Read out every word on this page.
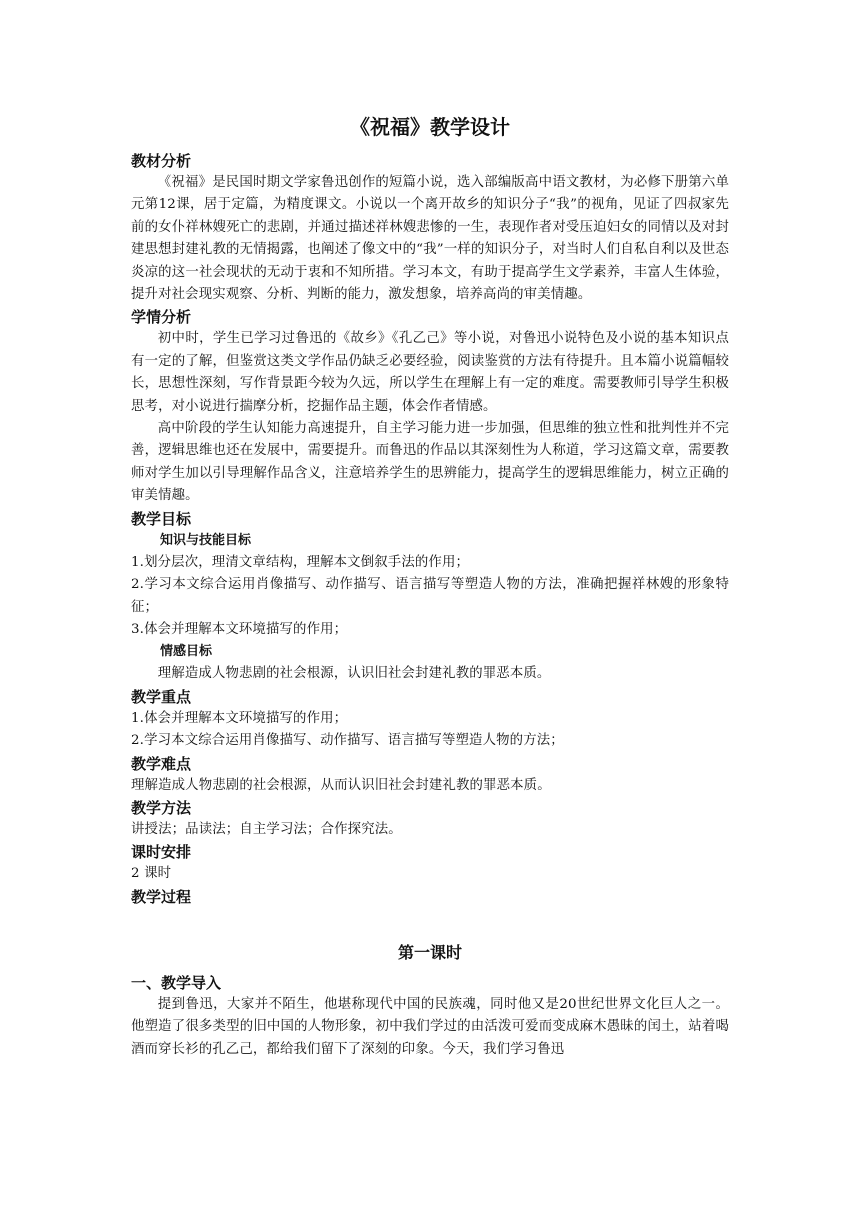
《祝福》教学设计
教材分析

《祝福》是民国时期文学家鲁迅创作的短篇小说，选入部编版高中语文教材，为必修下册第六单元第12课，居于定篇，为精度课文。小说以一个离开故乡的知识分子“我”的视角，见证了四叔家先前的女仆祥林嫂死亡的悲剧，并通过描述祥林嫂悲惨的一生，表现作者对受压迫妇女的同情以及对封建思想封建礼教的无情揭露，也阐述了像文中的“我”一样的知识分子，对当时人们自私自利以及世态炎凉的这一社会现状的无动于衷和不知所措。学习本文，有助于提高学生文学素养，丰富人生体验，提升对社会现实观察、分析、判断的能力，激发想象，培养高尚的审美情趣。

学情分析

初中时，学生已学习过鲁迅的《故乡》《孔乙己》等小说，对鲁迅小说特色及小说的基本知识点有一定的了解，但鉴赏这类文学作品仍缺乏必要经验，阅读鉴赏的方法有待提升。且本篇小说篇幅较长，思想性深刻，写作背景距今较为久远，所以学生在理解上有一定的难度。需要教师引导学生积极思考，对小说进行揣摩分析，挖掘作品主题，体会作者情感。

高中阶段的学生认知能力高速提升，自主学习能力进一步加强，但思维的独立性和批判性并不完善，逻辑思维也还在发展中，需要提升。而鲁迅的作品以其深刻性为人称道，学习这篇文章，需要教师对学生加以引导理解作品含义，注意培养学生的思辨能力，提高学生的逻辑思维能力，树立正确的审美情趣。

教学目标
知识与技能目标

1.划分层次，理清文章结构，理解本文倒叙手法的作用；

2.学习本文综合运用肖像描写、动作描写、语言描写等塑造人物的方法，准确把握祥林嫂的形象特征；

3.体会并理解本文环境描写的作用；

情感目标

理解造成人物悲剧的社会根源，认识旧社会封建礼教的罪恶本质。

教学重点

1.体会并理解本文环境描写的作用；

2.学习本文综合运用肖像描写、动作描写、语言描写等塑造人物的方法；

教学难点

理解造成人物悲剧的社会根源，从而认识旧社会封建礼教的罪恶本质。

教学方法

讲授法；品读法；自主学习法；合作探究法。

课时安排

2 课时

教学过程
第一课时
一、教学导入

提到鲁迅，大家并不陌生，他堪称现代中国的民族魂，同时他又是20世纪世界文化巨人之一。他塑造了很多类型的旧中国的人物形象，初中我们学过的由活泼可爱而变成麻木愚昧的闰土，站着喝酒而穿长衫的孔乙己，都给我们留下了深刻的印象。今天，我们学习鲁迅
